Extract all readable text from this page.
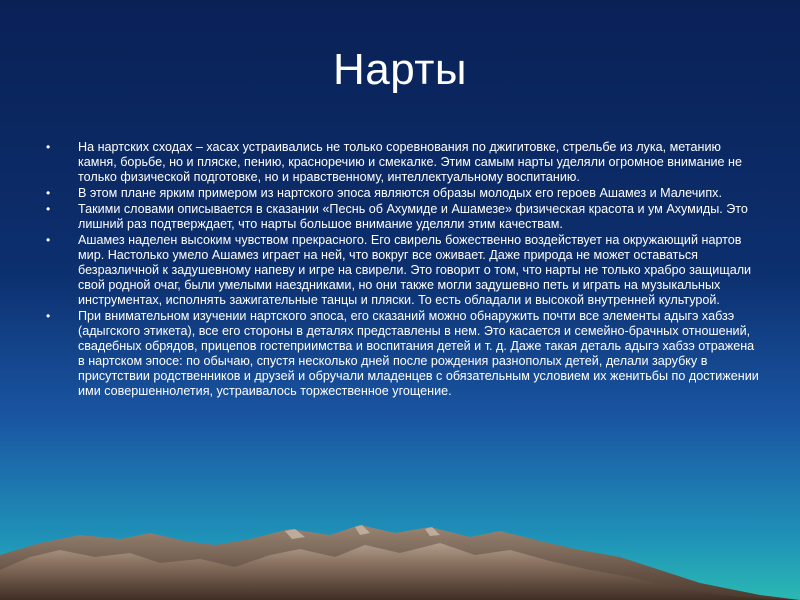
Нарты
• На нартских сходах – хасах устраивались не только соревнования по джигитовке, стрельбе из лука, метанию камня, борьбе, но и пляске, пению, красноречию и смекалке. Этим самым нарты уделяли огромное внимание не только физической подготовке, но и нравственному, интеллектуальному воспитанию.
• В этом плане ярким примером из нартского эпоса являются образы молодых его героев Ашамез и Малечипх.
• Такими словами описывается в сказании «Песнь об Ахумиде и Ашамезе» физическая красота и ум Ахумиды. Это лишний раз подтверждает, что нарты большое внимание уделяли этим качествам.
• Ашамез наделен высоким чувством прекрасного. Его свирель божественно воздействует на окружающий нартов мир. Настолько умело Ашамез играет на ней, что вокруг все оживает. Даже природа не может оставаться безразличной к задушевному напеву и игре на свирели. Это говорит о том, что нарты не только храбро защищали свой родной очаг, были умелыми наездниками, но они также могли задушевно петь и играть на музыкальных инструментах, исполнять зажигательные танцы и пляски. То есть обладали и высокой внутренней культурой.
• При внимательном изучении нартского эпоса, его сказаний можно обнаружить почти все элементы адыгэ хабзэ (адыгского этикета), все его стороны в деталях представлены в нем. Это касается и семейно-брачных отношений, свадебных обрядов, прицепов гостеприимства и воспитания детей и т. д. Даже такая деталь адыгэ хабзэ отражена в нартском эпосе: по обычаю, спустя несколько дней после рождения разнополых детей, делали зарубку в присутствии родственников и друзей и обручали младенцев с обязательным условием их женитьбы по достижении ими совершеннолетия, устраивалось торжественное угощение.
